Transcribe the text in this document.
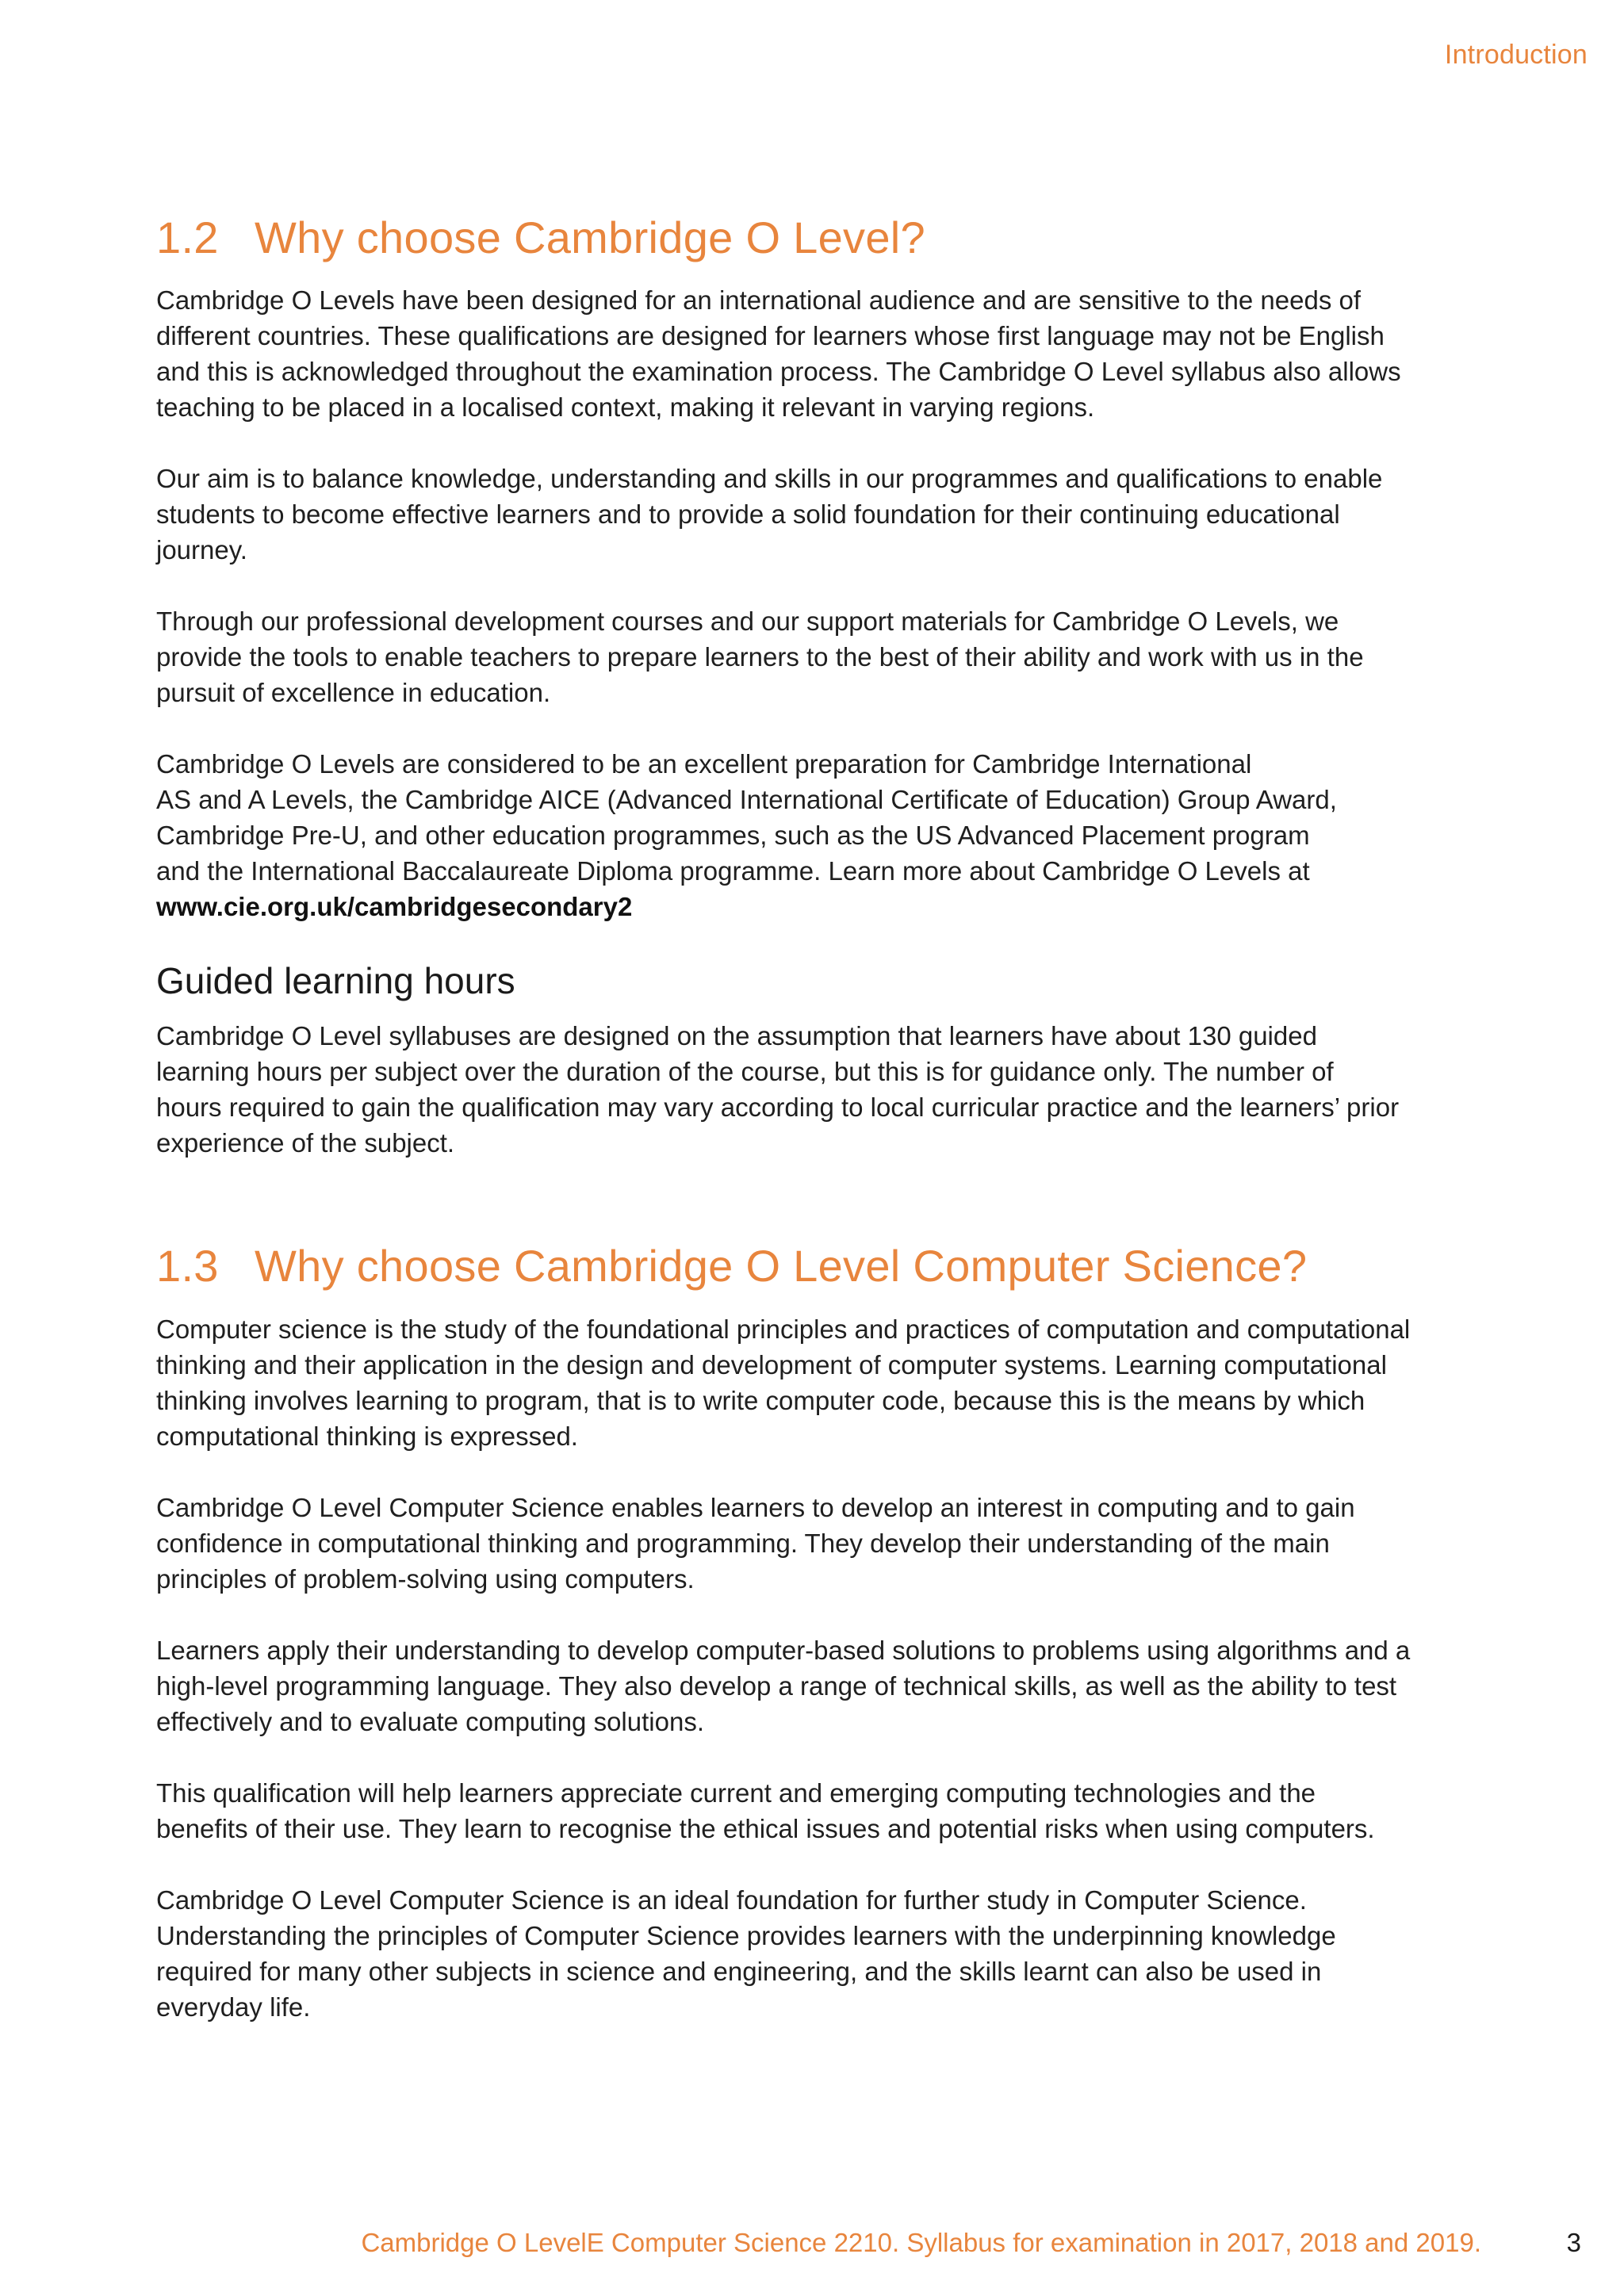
Introduction
1.2 Why choose Cambridge O Level?

Cambridge O Levels have been designed for an international audience and are sensitive to the needs of
different countries. These qualifications are designed for learners whose first language may not be English
and this is acknowledged throughout the examination process. The Cambridge O Level syllabus also allows
teaching to be placed in a localised context, making it relevant in varying regions.

Our aim is to balance knowledge, understanding and skills in our programmes and qualifications to enable
students to become effective learners and to provide a solid foundation for their continuing educational
journey.

Through our professional development courses and our support materials for Cambridge O Levels, we
provide the tools to enable teachers to prepare learners to the best of their ability and work with us in the
pursuit of excellence in education.

Cambridge O Levels are considered to be an excellent preparation for Cambridge International
AS and A Levels, the Cambridge AICE (Advanced International Certificate of Education) Group Award,
Cambridge Pre-U, and other education programmes, such as the US Advanced Placement program
and the International Baccalaureate Diploma programme. Learn more about Cambridge O Levels at

www.cie.org.uk/cambridgesecondary2

Guided learning hours

Cambridge O Level syllabuses are designed on the assumption that learners have about 130 guided
learning hours per subject over the duration of the course, but this is for guidance only. The number of
hours required to gain the qualification may vary according to local curricular practice and the learners’ prior
experience of the subject.

1.3 Why choose Cambridge O Level Computer Science?

Computer science is the study of the foundational principles and practices of computation and computational
thinking and their application in the design and development of computer systems. Learning computational
thinking involves learning to program, that is to write computer code, because this is the means by which
computational thinking is expressed.

Cambridge O Level Computer Science enables learners to develop an interest in computing and to gain
confidence in computational thinking and programming. They develop their understanding of the main
principles of problem-solving using computers.

Learners apply their understanding to develop computer-based solutions to problems using algorithms and a
high-level programming language. They also develop a range of technical skills, as well as the ability to test
effectively and to evaluate computing solutions.

This qualification will help learners appreciate current and emerging computing technologies and the
benefits of their use. They learn to recognise the ethical issues and potential risks when using computers.

Cambridge O Level Computer Science is an ideal foundation for further study in Computer Science.
Understanding the principles of Computer Science provides learners with the underpinning knowledge
required for many other subjects in science and engineering, and the skills learnt can also be used in
everyday life.

Cambridge O LevelE Computer Science 2210. Syllabus for examination in 2017, 2018 and 2019.	3
